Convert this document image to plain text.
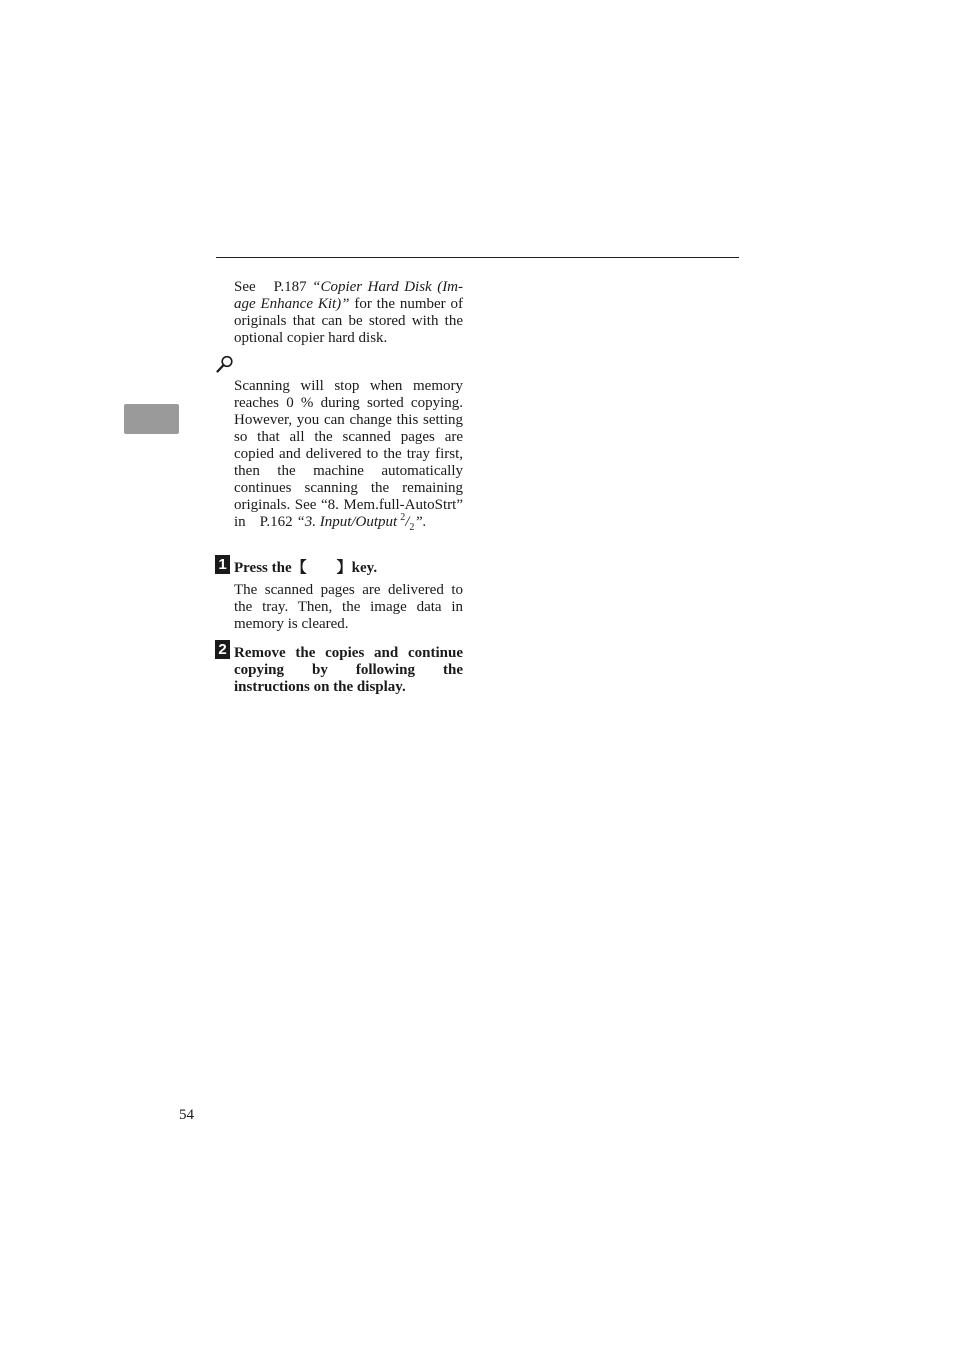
See P.187 “Copier Hard Disk (Im-age Enhance Kit)” for the number of originals that can be stored with the optional copier hard disk.

Scanning will stop when memory reaches 0 % during sorted copying. However, you can change this setting so that all the scanned pages are copied and delivered to the tray first, then the machine automatically continues scanning the remaining originals. See “8. Mem.full-AutoStrt” in P.162 “3. Input/Output  $^2/_2$”.

1 Press the【 】key.
The scanned pages are delivered to the tray. Then, the image data in memory is cleared.
2 Remove the copies and continue copying by following the instructions on the display.
54
